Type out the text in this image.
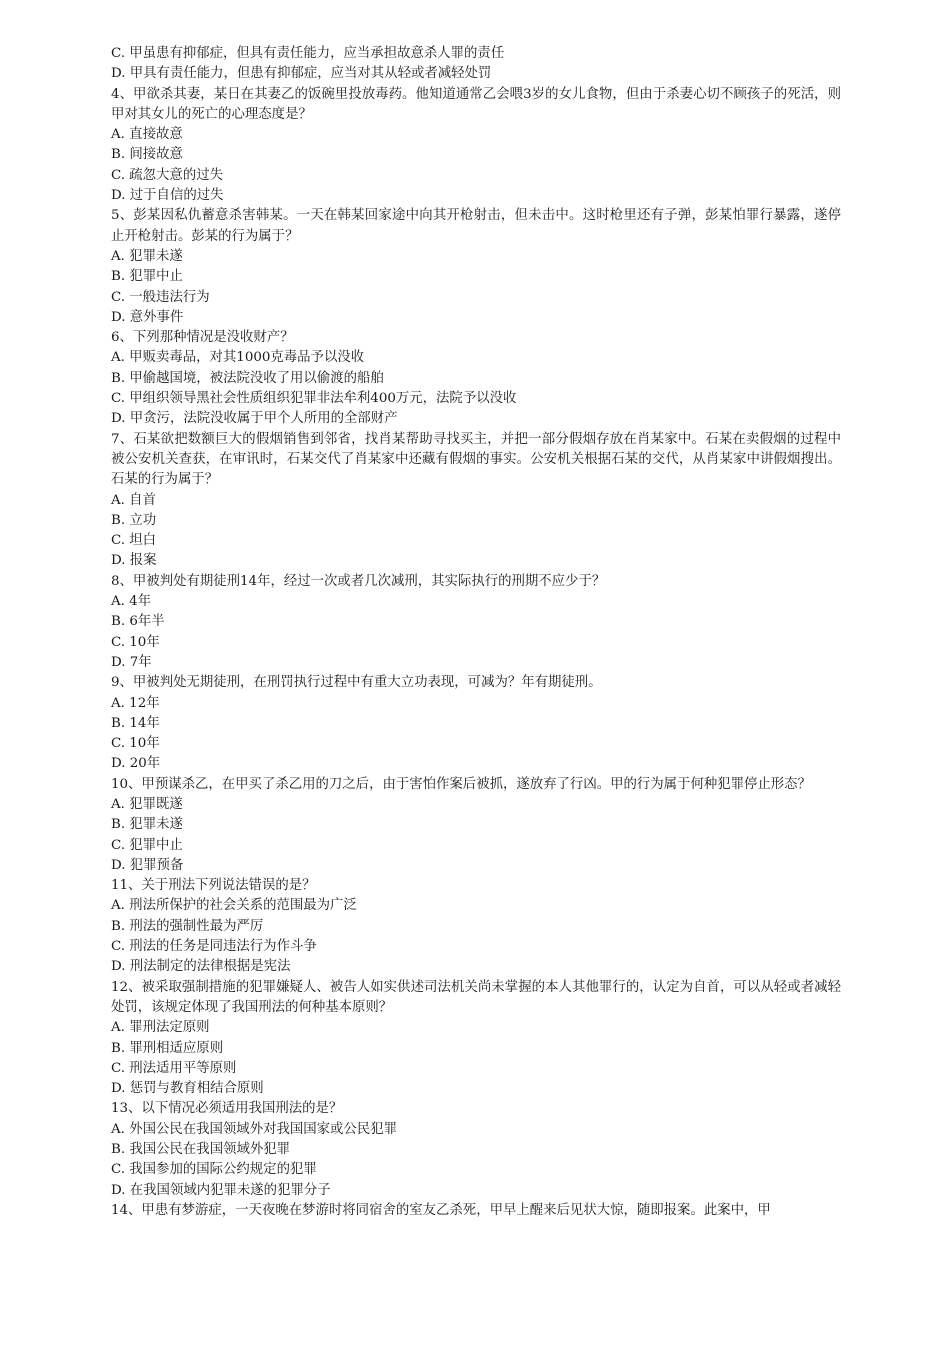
C. 甲虽患有抑郁症，但具有责任能力，应当承担故意杀人罪的责任
D. 甲具有责任能力，但患有抑郁症，应当对其从轻或者减轻处罚
4、甲欲杀其妻，某日在其妻乙的饭碗里投放毒药。他知道通常乙会喂3岁的女儿食物，但由于杀妻心切不顾孩子的死活，则甲对其女儿的死亡的心理态度是？
A. 直接故意
B. 间接故意
C. 疏忽大意的过失
D. 过于自信的过失
5、彭某因私仇蓄意杀害韩某。一天在韩某回家途中向其开枪射击，但未击中。这时枪里还有子弹，彭某怕罪行暴露，遂停止开枪射击。彭某的行为属于？
A. 犯罪未遂
B. 犯罪中止
C. 一般违法行为
D. 意外事件
6、下列那种情况是没收财产？
A. 甲贩卖毒品，对其1000克毒品予以没收
B. 甲偷越国境，被法院没收了用以偷渡的船舶
C. 甲组织领导黑社会性质组织犯罪非法牟利400万元，法院予以没收
D. 甲贪污，法院没收属于甲个人所用的全部财产
7、石某欲把数额巨大的假烟销售到邻省，找肖某帮助寻找买主，并把一部分假烟存放在肖某家中。石某在卖假烟的过程中被公安机关查获，在审讯时，石某交代了肖某家中还藏有假烟的事实。公安机关根据石某的交代，从肖某家中讲假烟搜出。石某的行为属于？
A. 自首
B. 立功
C. 坦白
D. 报案
8、甲被判处有期徒刑14年，经过一次或者几次减刑，其实际执行的刑期不应少于？
A. 4年
B. 6年半
C. 10年
D. 7年
9、甲被判处无期徒刑，在刑罚执行过程中有重大立功表现，可减为？年有期徒刑。
A. 12年
B. 14年
C. 10年
D. 20年
10、甲预谋杀乙，在甲买了杀乙用的刀之后，由于害怕作案后被抓，遂放弃了行凶。甲的行为属于何种犯罪停止形态？
A. 犯罪既遂
B. 犯罪未遂
C. 犯罪中止
D. 犯罪预备
11、关于刑法下列说法错误的是？
A. 刑法所保护的社会关系的范围最为广泛
B. 刑法的强制性最为严厉
C. 刑法的任务是同违法行为作斗争
D. 刑法制定的法律根据是宪法
12、被采取强制措施的犯罪嫌疑人、被告人如实供述司法机关尚未掌握的本人其他罪行的，认定为自首，可以从轻或者减轻处罚，该规定体现了我国刑法的何种基本原则？
A. 罪刑法定原则
B. 罪刑相适应原则
C. 刑法适用平等原则
D. 惩罚与教育相结合原则
13、以下情况必须适用我国刑法的是？
A. 外国公民在我国领域外对我国国家或公民犯罪
B. 我国公民在我国领域外犯罪
C. 我国参加的国际公约规定的犯罪
D. 在我国领域内犯罪未遂的犯罪分子
14、甲患有梦游症，一天夜晚在梦游时将同宿舍的室友乙杀死，甲早上醒来后见状大惊，随即报案。此案中，甲
